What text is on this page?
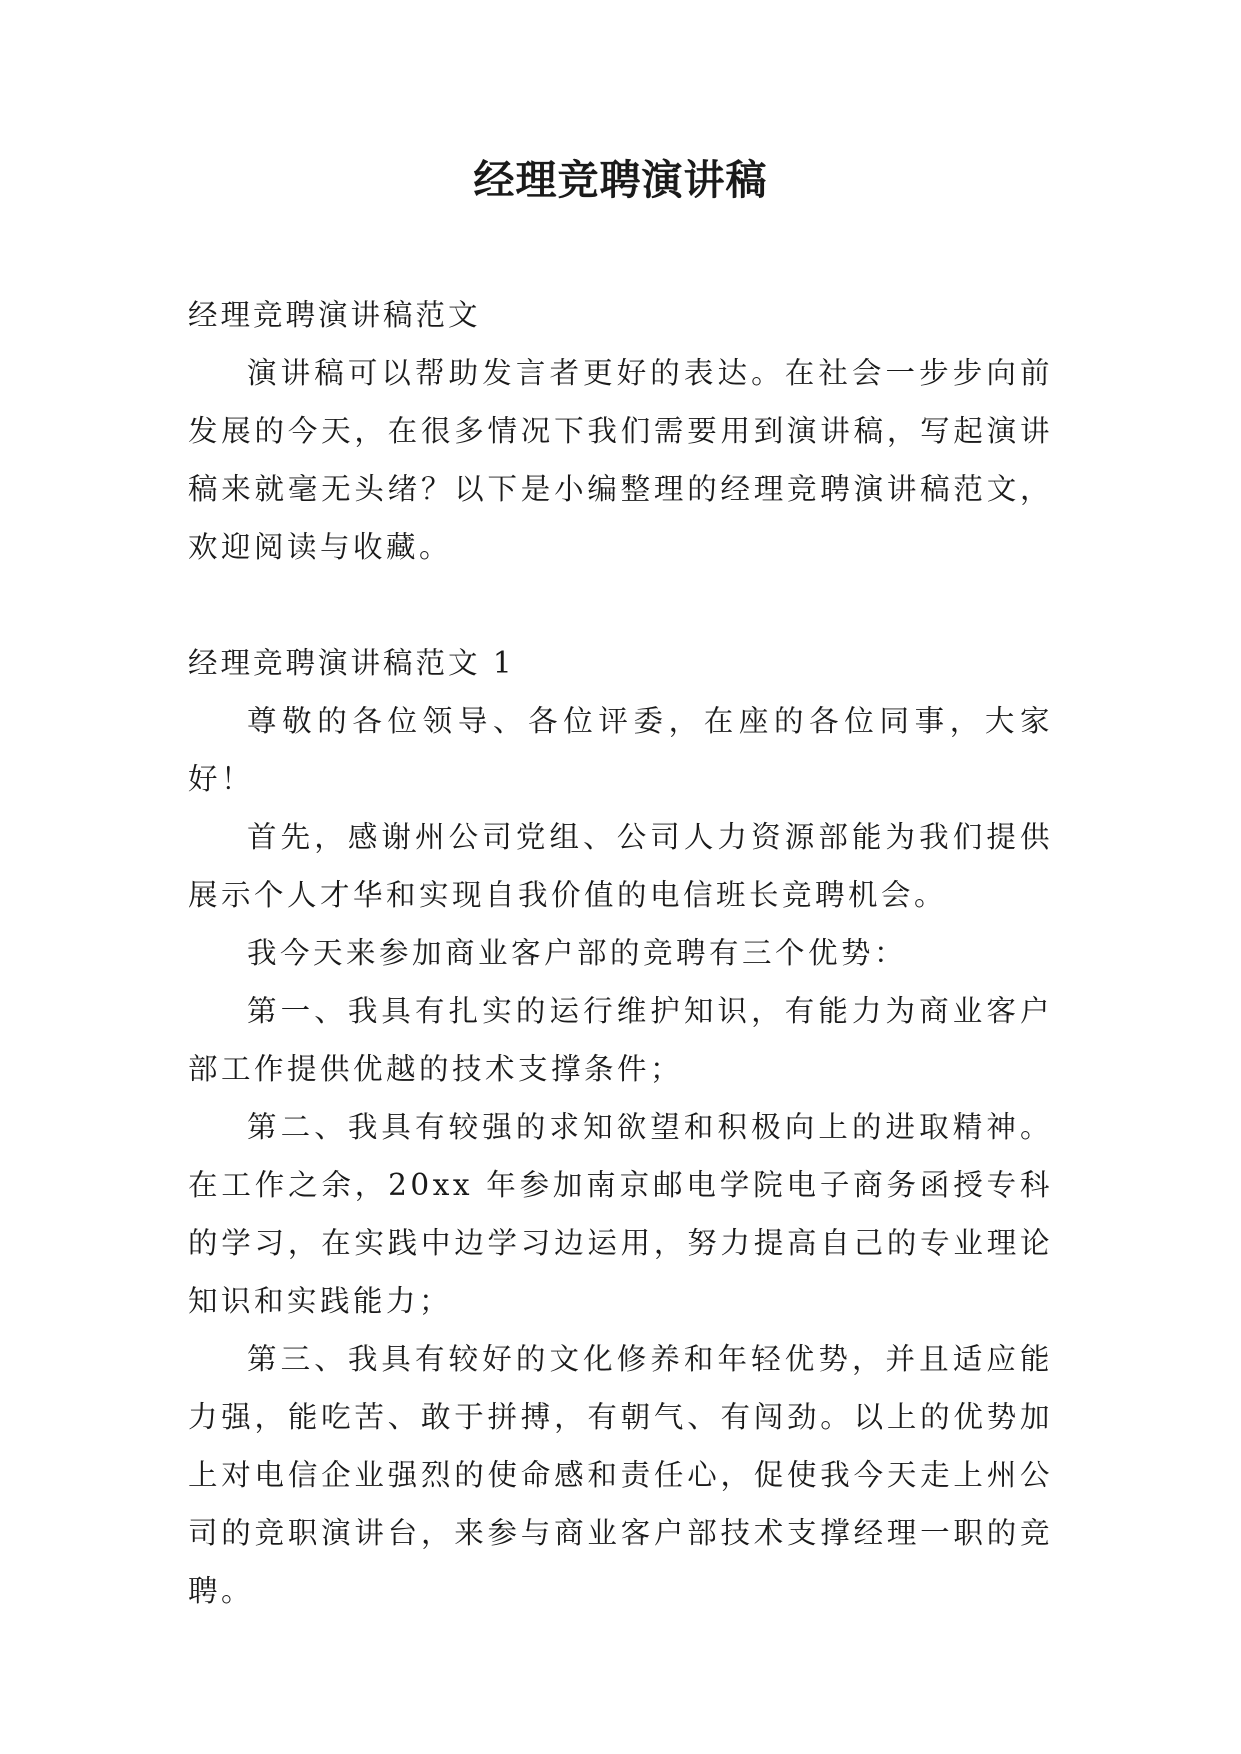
经理竞聘演讲稿

经理竞聘演讲稿范文

演讲稿可以帮助发言者更好的表达。在社会一步步向前发展的今天，在很多情况下我们需要用到演讲稿，写起演讲稿来就毫无头绪？以下是小编整理的经理竞聘演讲稿范文，欢迎阅读与收藏。

经理竞聘演讲稿范文 1

尊敬的各位领导、各位评委，在座的各位同事，大家好！

首先，感谢州公司党组、公司人力资源部能为我们提供展示个人才华和实现自我价值的电信班长竞聘机会。

我今天来参加商业客户部的竞聘有三个优势：

第一、我具有扎实的运行维护知识，有能力为商业客户部工作提供优越的技术支撑条件；

第二、我具有较强的求知欲望和积极向上的进取精神。在工作之余，20xx 年参加南京邮电学院电子商务函授专科的学习，在实践中边学习边运用，努力提高自己的专业理论知识和实践能力；

第三、我具有较好的文化修养和年轻优势，并且适应能力强，能吃苦、敢于拼搏，有朝气、有闯劲。以上的优势加上对电信企业强烈的使命感和责任心，促使我今天走上州公司的竞职演讲台，来参与商业客户部技术支撑经理一职的竞聘。
